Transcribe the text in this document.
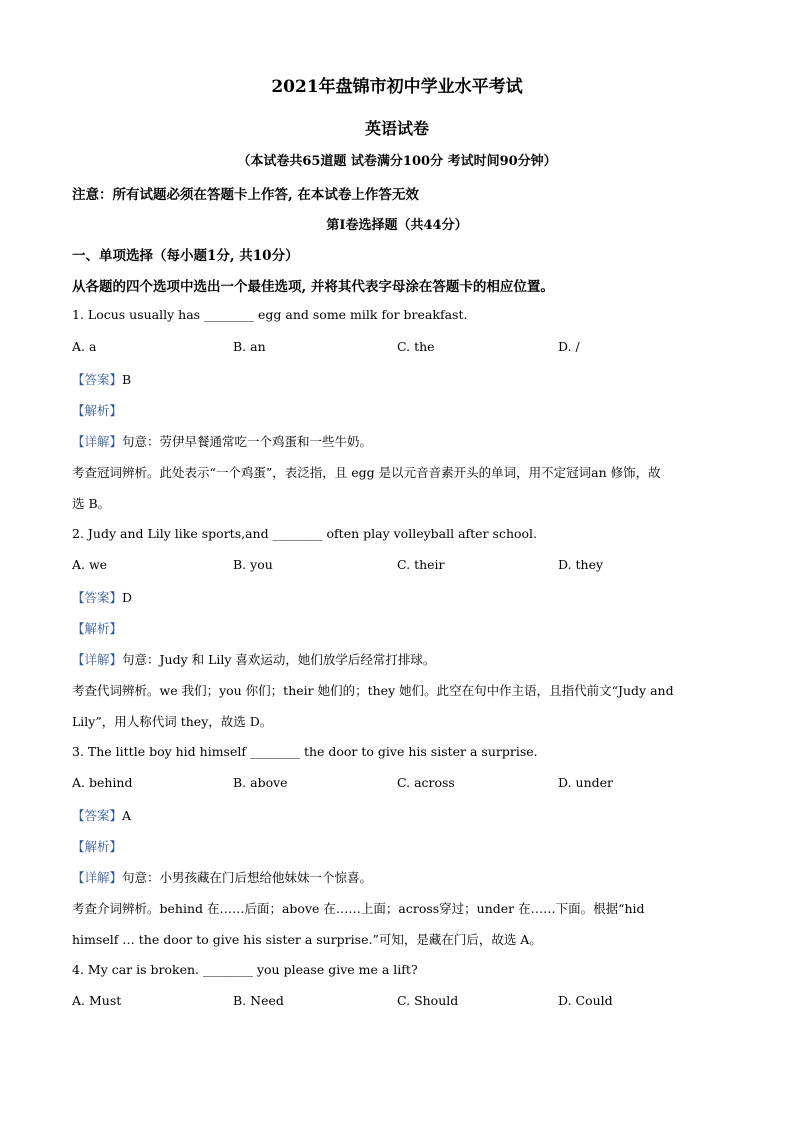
2021年盘锦市初中学业水平考试
英语试卷
（本试卷共65道题 试卷满分100分 考试时间90分钟）
注意：所有试题必须在答题卡上作答, 在本试卷上作答无效
第I卷选择题（共44分）
一、单项选择（每小题1分, 共10分）
从各题的四个选项中选出一个最佳选项, 并将其代表字母涂在答题卡的相应位置。
1. Locus usually has ________ egg and some milk for breakfast.
A. a	B. an	C. the	D. /
【答案】B
【解析】
【详解】句意：劳伊早餐通常吃一个鸡蛋和一些牛奶。
考查冠词辨析。此处表示“一个鸡蛋”，表泛指，且 egg 是以元音音素开头的单词，用不定冠词an 修饰，故
选 B。
2. Judy and Lily like sports,and ________ often play volleyball after school.
A. we	B. you	C. their	D. they
【答案】D
【解析】
【详解】句意：Judy 和 Lily 喜欢运动，她们放学后经常打排球。
考查代词辨析。we 我们；you 你们；their 她们的；they 她们。此空在句中作主语，且指代前文“Judy and
Lily”，用人称代词 they，故选 D。
3. The little boy hid himself ________ the door to give his sister a surprise.
A. behind	B. above	C. across	D. under
【答案】A
【解析】
【详解】句意：小男孩藏在门后想给他妹妹一个惊喜。
考查介词辨析。behind 在……后面；above 在……上面；across穿过；under 在……下面。根据“hid
himself … the door to give his sister a surprise.”可知，是藏在门后，故选 A。
4. My car is broken. ________ you please give me a lift?
A. Must	B. Need	C. Should	D. Could
